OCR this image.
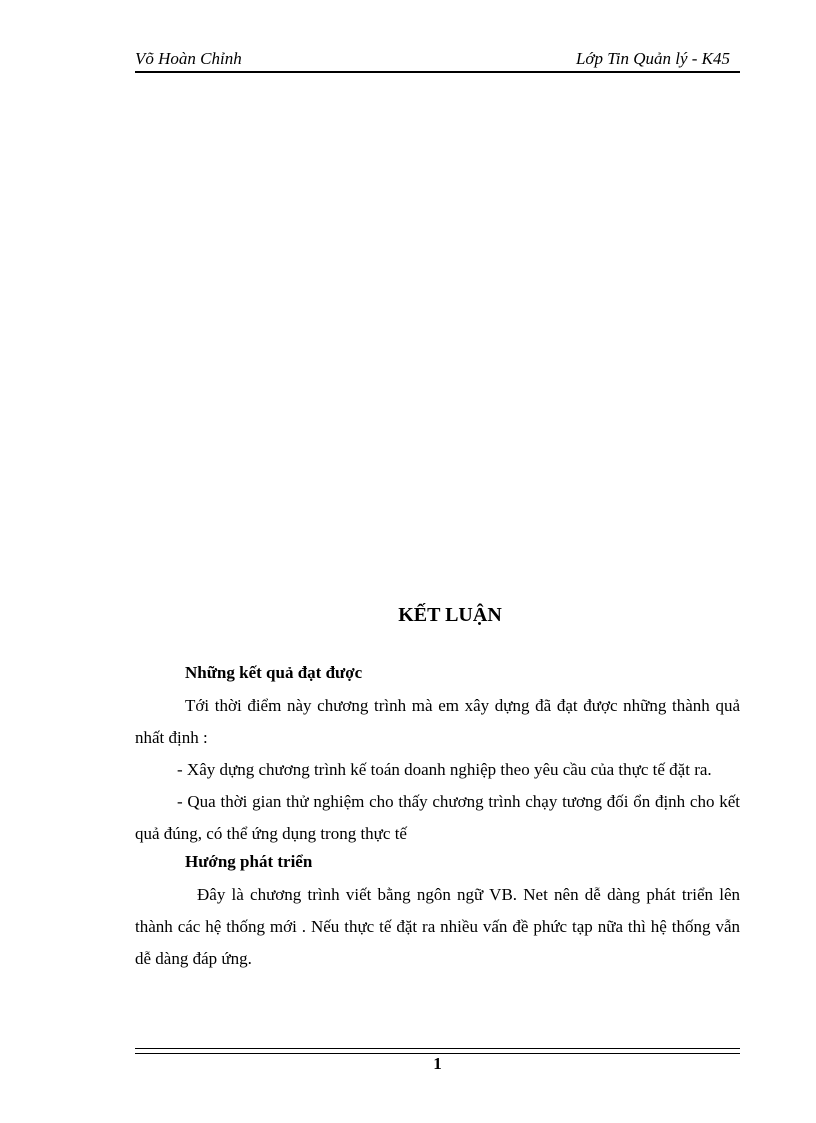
Võ Hoàn Chỉnh	Lớp Tin Quản lý - K45
KẾT LUẬN

Những kết quả đạt được

Tới thời điểm này chương trình mà em xây dựng đã đạt được những thành quả nhất định :

- Xây dựng chương trình kế toán doanh nghiệp theo yêu cầu của thực tế đặt ra.

- Qua thời gian thử nghiệm cho thấy chương trình chạy tương đối ổn định cho kết quả đúng, có thể ứng dụng trong thực tế

Hướng phát triển

Đây là chương trình viết bằng ngôn ngữ VB. Net nên dễ dàng phát triển lên thành các hệ thống mới . Nếu thực tế đặt ra nhiều vấn đề phức tạp nữa thì hệ thống vẫn dễ dàng đáp ứng.

1
